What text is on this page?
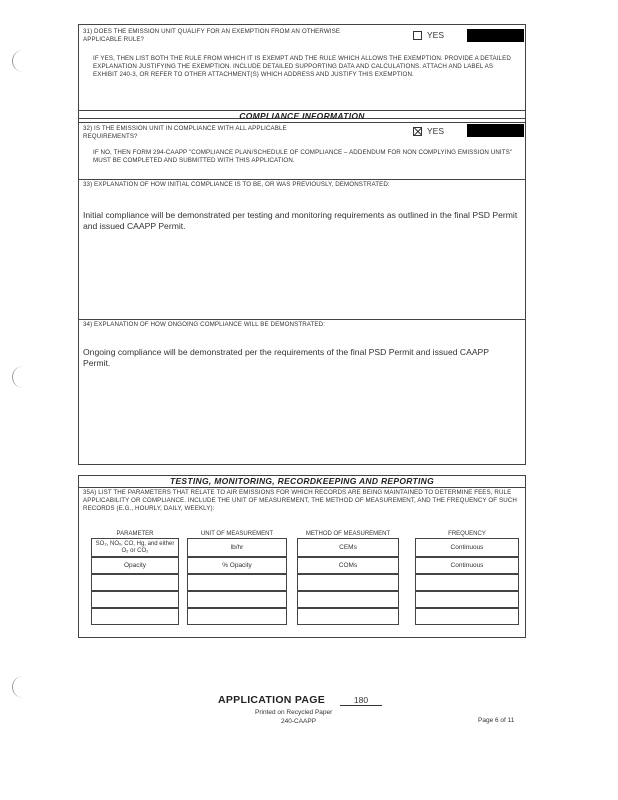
31) DOES THE EMISSION UNIT QUALIFY FOR AN EXEMPTION FROM AN OTHERWISE APPLICABLE RULE?	YES
IF YES, THEN LIST BOTH THE RULE FROM WHICH IT IS EXEMPT AND THE RULE WHICH ALLOWS THE EXEMPTION. PROVIDE A DETAILED EXPLANATION JUSTIFYING THE EXEMPTION. INCLUDE DETAILED SUPPORTING DATA AND CALCULATIONS. ATTACH AND LABEL AS EXHIBIT 240-3, OR REFER TO OTHER ATTACHMENT(S) WHICH ADDRESS AND JUSTIFY THIS EXEMPTION.
COMPLIANCE INFORMATION
32) IS THE EMISSION UNIT IN COMPLIANCE WITH ALL APPLICABLE REQUIREMENTS?
YES
IF NO, THEN FORM 294-CAAPP "COMPLIANCE PLAN/SCHEDULE OF COMPLIANCE – ADDENDUM FOR NON COMPLYING EMISSION UNITS" MUST BE COMPLETED AND SUBMITTED WITH THIS APPLICATION.
33) EXPLANATION OF HOW INITIAL COMPLIANCE IS TO BE, OR WAS PREVIOUSLY, DEMONSTRATED:
Initial compliance will be demonstrated per testing and monitoring requirements as outlined in the final PSD Permit and issued CAAPP Permit.
34) EXPLANATION OF HOW ONGOING COMPLIANCE WILL BE DEMONSTRATED:
Ongoing compliance will be demonstrated per the requirements of the final PSD Permit and issued CAAPP Permit.
TESTING, MONITORING, RECORDKEEPING AND REPORTING
35A) LIST THE PARAMETERS THAT RELATE TO AIR EMISSIONS FOR WHICH RECORDS ARE BEING MAINTAINED TO DETERMINE FEES, RULE APPLICABILITY OR COMPLIANCE. INCLUDE THE UNIT OF MEASUREMENT, THE METHOD OF MEASUREMENT, AND THE FREQUENCY OF SUCH RECORDS (E.G., HOURLY, DAILY, WEEKLY):
PARAMETER	UNIT OF MEASUREMENT	METHOD OF MEASUREMENT	FREQUENCY
SO₂, NOₓ, CO, Hg, and either O₂ or CO₂	lb/hr	CEMs	Continuous
Opacity	% Opacity	COMs	Continuous
APPLICATION PAGE	180
Printed on Recycled Paper
240-CAAPP	Page 6 of 11
